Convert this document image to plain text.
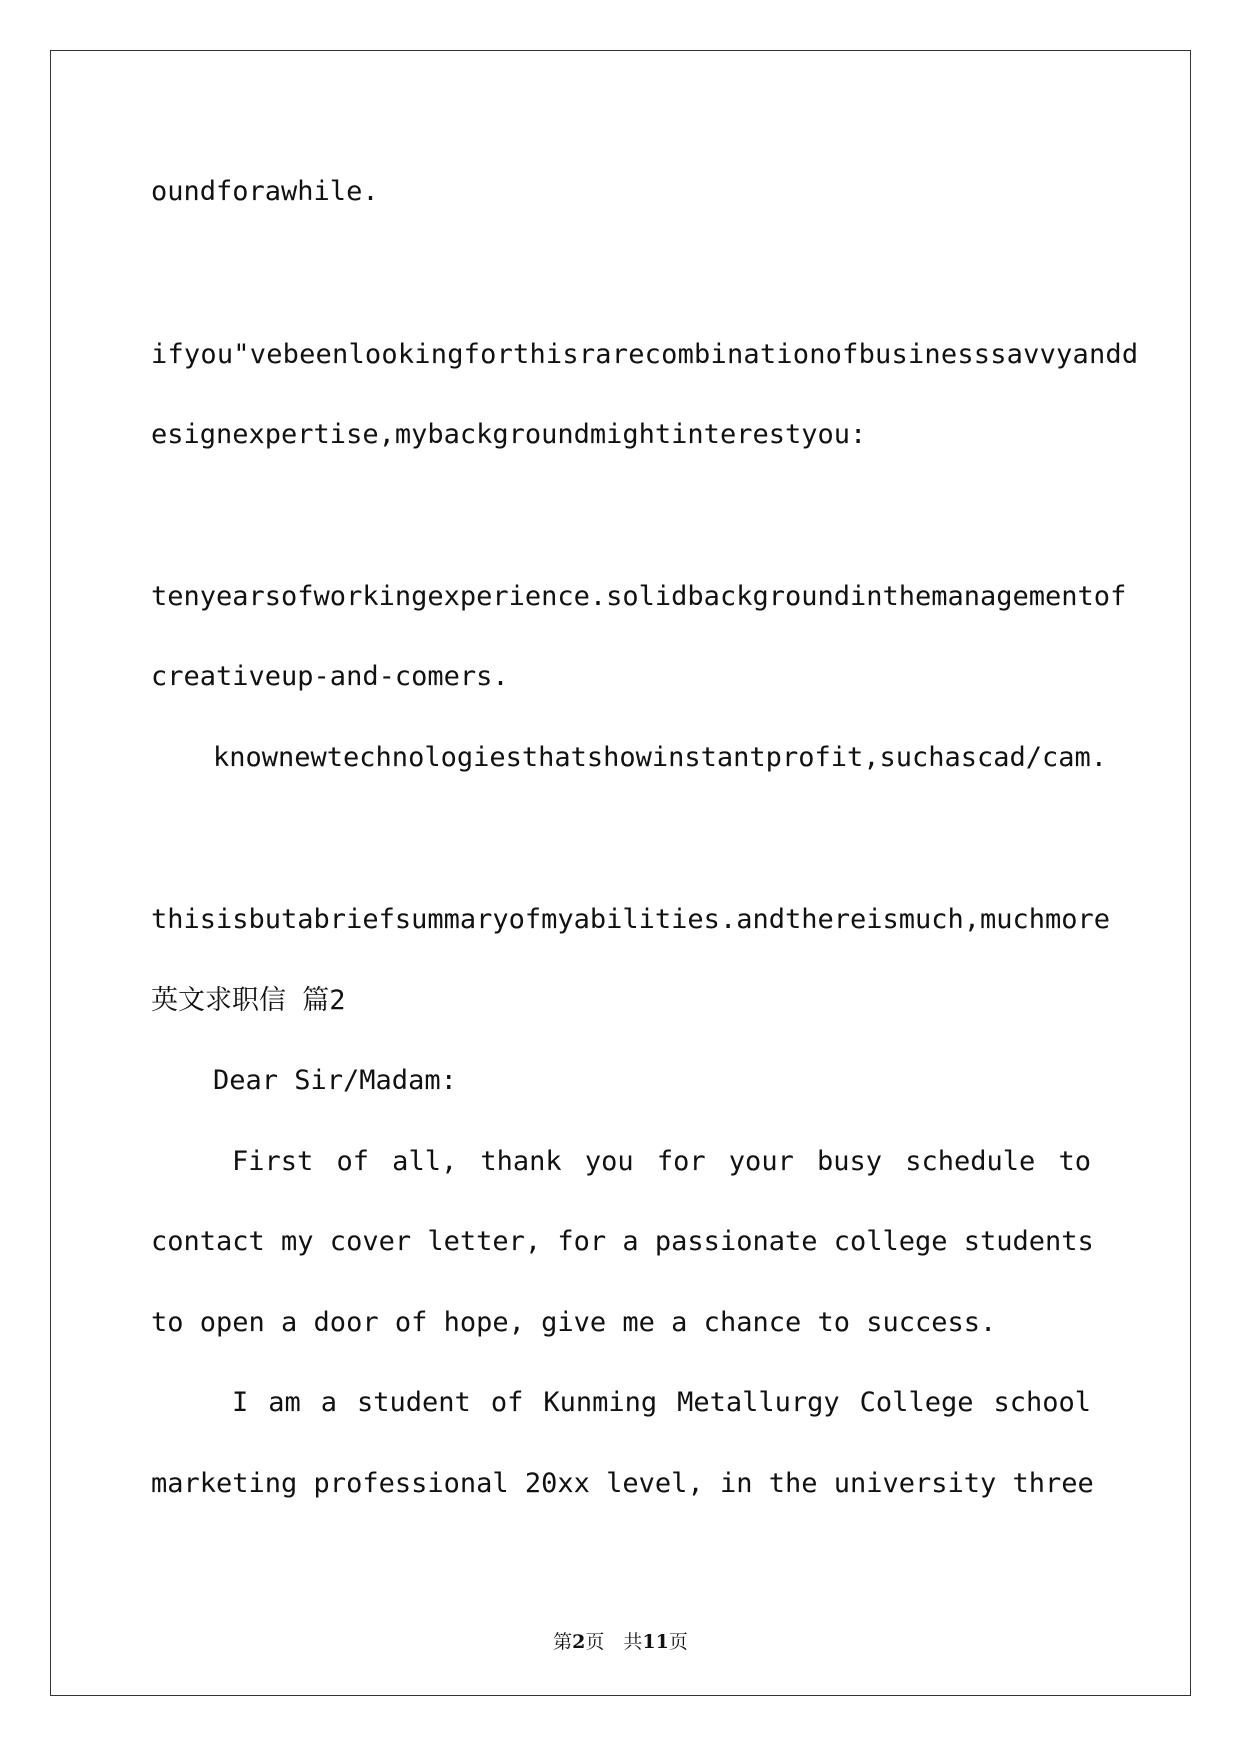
oundforawhile.
ifyou"vebeenlookingforthisrarecombinationofbusinesssavvyandd
esignexpertise,mybackgroundmightinterestyou:
tenyearsofworkingexperience.solidbackgroundinthemanagementof
creativeup-and-comers.
knownewtechnologiesthatshowinstantprofit,suchascad/cam.
thisisbutabriefsummaryofmyabilities.andthereismuch,muchmore
英文求职信 篇2
Dear Sir/Madam:
First of all, thank you for your busy schedule to
contact my cover letter, for a passionate college students
to open a door of hope, give me a chance to success.
I am a student of Kunming Metallurgy College school
marketing professional 20xx level, in the university three
第2页　 共11页
